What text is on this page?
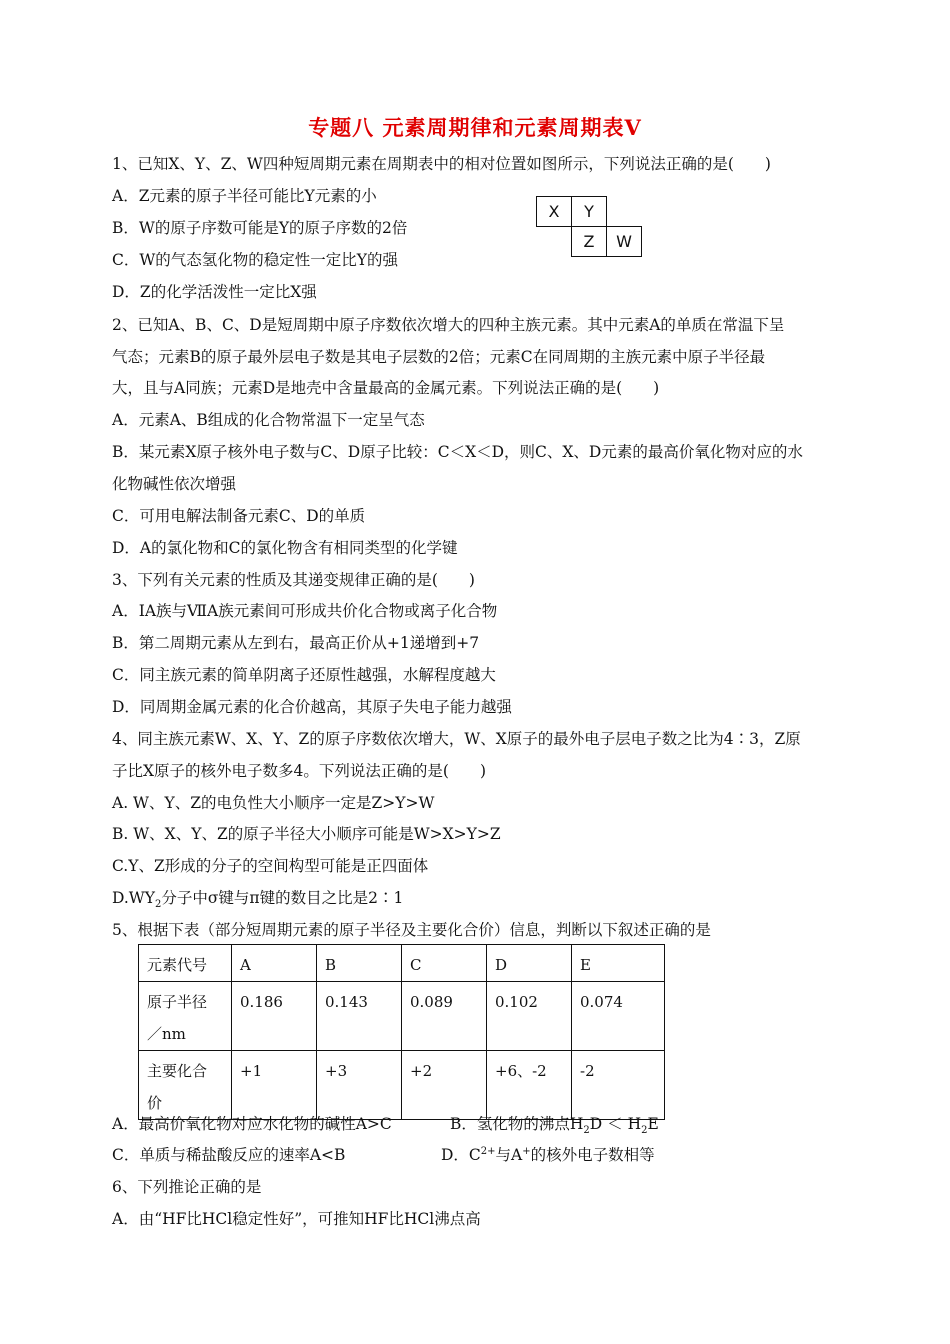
专题八 元素周期律和元素周期表Ⅴ
1、已知X、Y、Z、W四种短周期元素在周期表中的相对位置如图所示，下列说法正确的是(　　)
A．Z元素的原子半径可能比Y元素的小
B．W的原子序数可能是Y的原子序数的2倍
C．W的气态氢化物的稳定性一定比Y的强
D．Z的化学活泼性一定比X强
X	Y	
	Z	W
2、已知A、B、C、D是短周期中原子序数依次增大的四种主族元素。其中元素A的单质在常温下呈
气态；元素B的原子最外层电子数是其电子层数的2倍；元素C在同周期的主族元素中原子半径最
大，且与A同族；元素D是地壳中含量最高的金属元素。下列说法正确的是(　　)
A．元素A、B组成的化合物常温下一定呈气态
B．某元素X原子核外电子数与C、D原子比较：C＜X＜D，则C、X、D元素的最高价氧化物对应的水
化物碱性依次增强
C．可用电解法制备元素C、D的单质
D．A的氯化物和C的氯化物含有相同类型的化学键
3、下列有关元素的性质及其递变规律正确的是(　　)
A．IA族与ⅦA族元素间可形成共价化合物或离子化合物
B．第二周期元素从左到右，最高正价从+1递增到+7
C．同主族元素的简单阴离子还原性越强，水解程度越大
D．同周期金属元素的化合价越高，其原子失电子能力越强
4、同主族元素W、X、Y、Z的原子序数依次增大，W、X原子的最外电子层电子数之比为4∶3，Z原
子比X原子的核外电子数多4。下列说法正确的是(　　)
A. W、Y、Z的电负性大小顺序一定是Z>Y>W
B. W、X、Y、Z的原子半径大小顺序可能是W>X>Y>Z
C.Y、Z形成的分子的空间构型可能是正四面体
$D.WY_2$分子中σ键与π键的数目之比是2∶1
5、根据下表（部分短周期元素的原子半径及主要化合价）信息，判断以下叙述正确的是
元素代号	A	B	C	D	E

原子半径
／nm	0.186	0.143	0.089	0.102	0.074

主要化合
价	+1	+3	+2	+6、-2	-2
A．最高价氧化物对应水化物的碱性A>C	B．氢化物的沸点$H_2D < H_2E$
C．单质与稀盐酸反应的速率A<B	D．$C^{2+}$与A+的核外电子数相等
6、下列推论正确的是
A．由“HF比HCl稳定性好”，可推知HF比HCl沸点高
